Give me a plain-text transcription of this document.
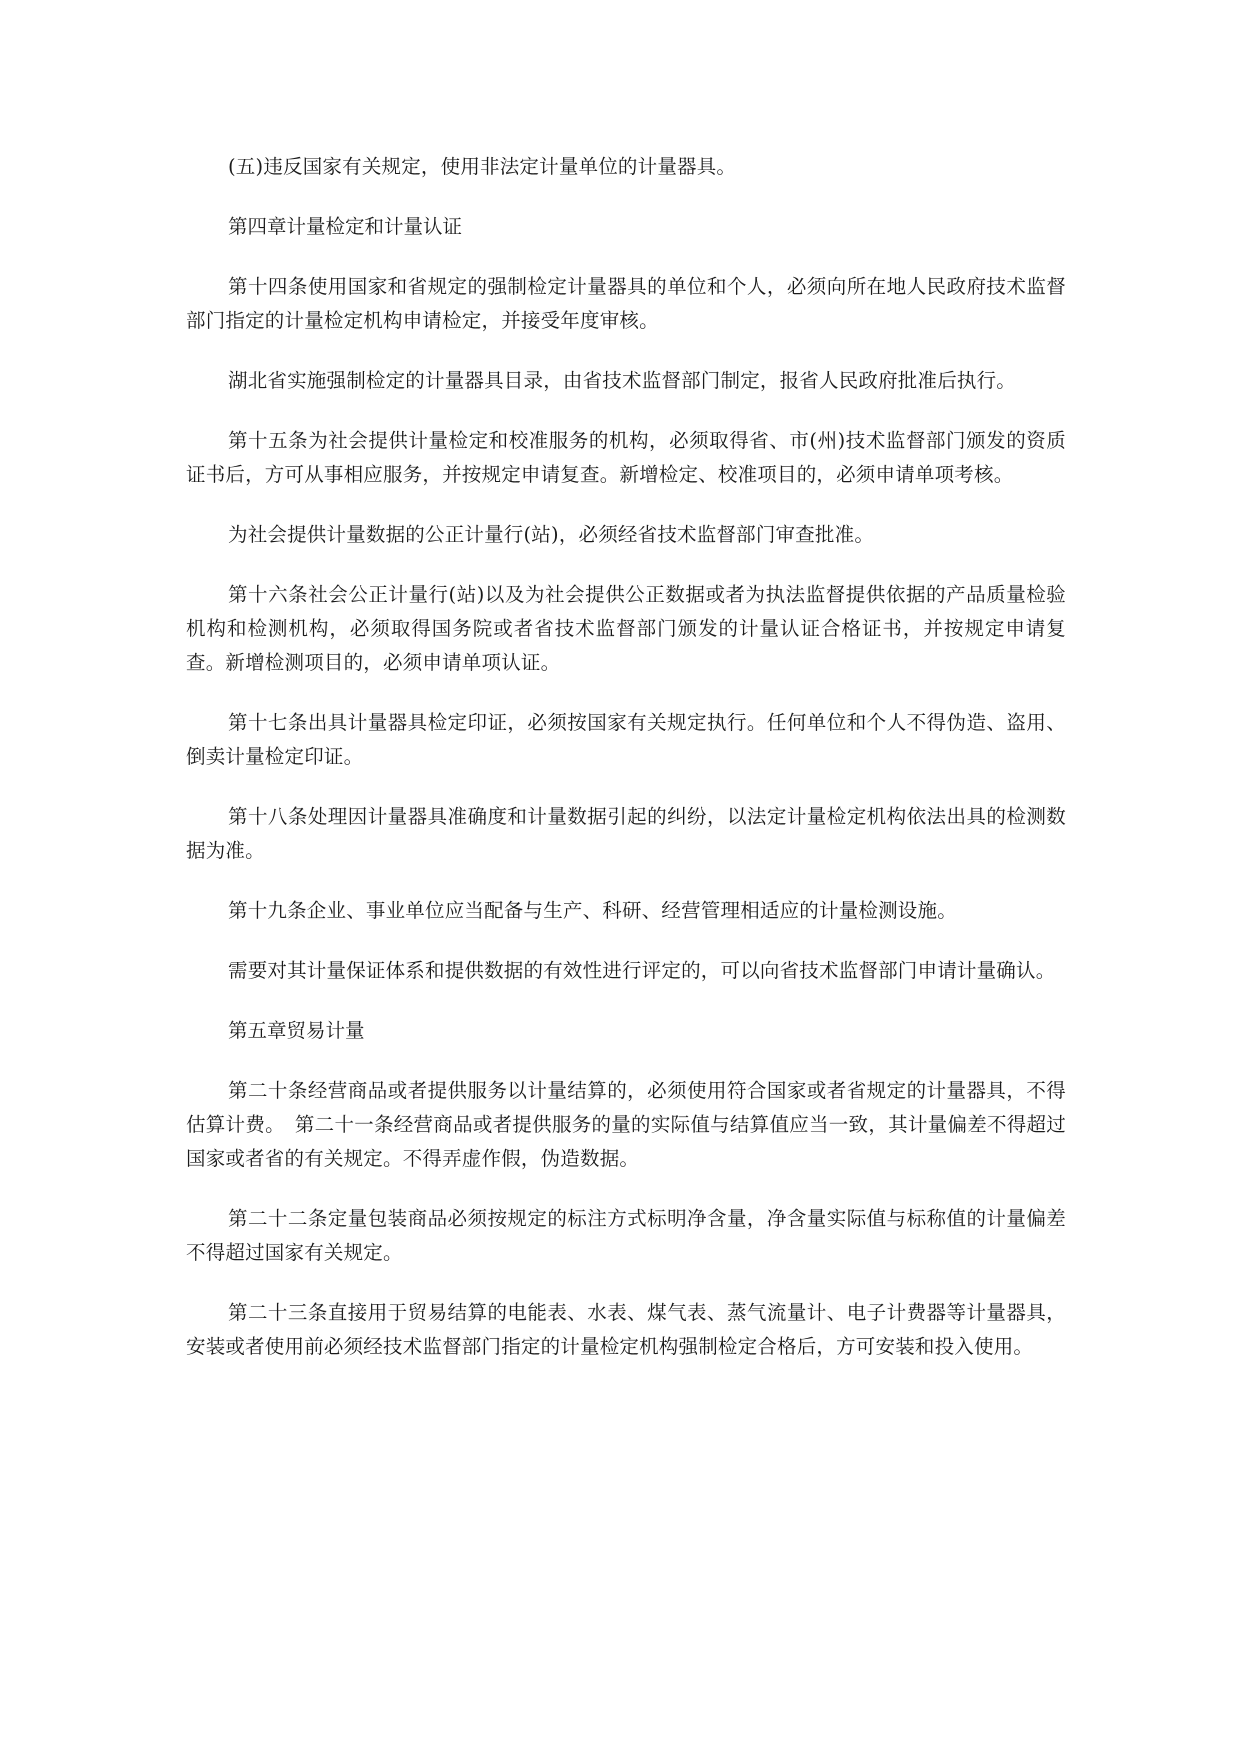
(五)违反国家有关规定，使用非法定计量单位的计量器具。

第四章计量检定和计量认证

第十四条使用国家和省规定的强制检定计量器具的单位和个人，必须向所在地人民政府技术监督部门指定的计量检定机构申请检定，并接受年度审核。

湖北省实施强制检定的计量器具目录，由省技术监督部门制定，报省人民政府批准后执行。

第十五条为社会提供计量检定和校准服务的机构，必须取得省、市(州)技术监督部门颁发的资质证书后，方可从事相应服务，并按规定申请复查。新增检定、校准项目的，必须申请单项考核。

为社会提供计量数据的公正计量行(站)，必须经省技术监督部门审查批准。

第十六条社会公正计量行(站)以及为社会提供公正数据或者为执法监督提供依据的产品质量检验机构和检测机构，必须取得国务院或者省技术监督部门颁发的计量认证合格证书，并按规定申请复查。新增检测项目的，必须申请单项认证。

第十七条出具计量器具检定印证，必须按国家有关规定执行。任何单位和个人不得伪造、盗用、倒卖计量检定印证。

第十八条处理因计量器具准确度和计量数据引起的纠纷，以法定计量检定机构依法出具的检测数据为准。

第十九条企业、事业单位应当配备与生产、科研、经营管理相适应的计量检测设施。

需要对其计量保证体系和提供数据的有效性进行评定的，可以向省技术监督部门申请计量确认。

第五章贸易计量

第二十条经营商品或者提供服务以计量结算的，必须使用符合国家或者省规定的计量器具，不得估算计费。　第二十一条经营商品或者提供服务的量的实际值与结算值应当一致，其计量偏差不得超过国家或者省的有关规定。不得弄虚作假，伪造数据。

第二十二条定量包装商品必须按规定的标注方式标明净含量，净含量实际值与标称值的计量偏差不得超过国家有关规定。

第二十三条直接用于贸易结算的电能表、水表、煤气表、蒸气流量计、电子计费器等计量器具，安装或者使用前必须经技术监督部门指定的计量检定机构强制检定合格后，方可安装和投入使用。
